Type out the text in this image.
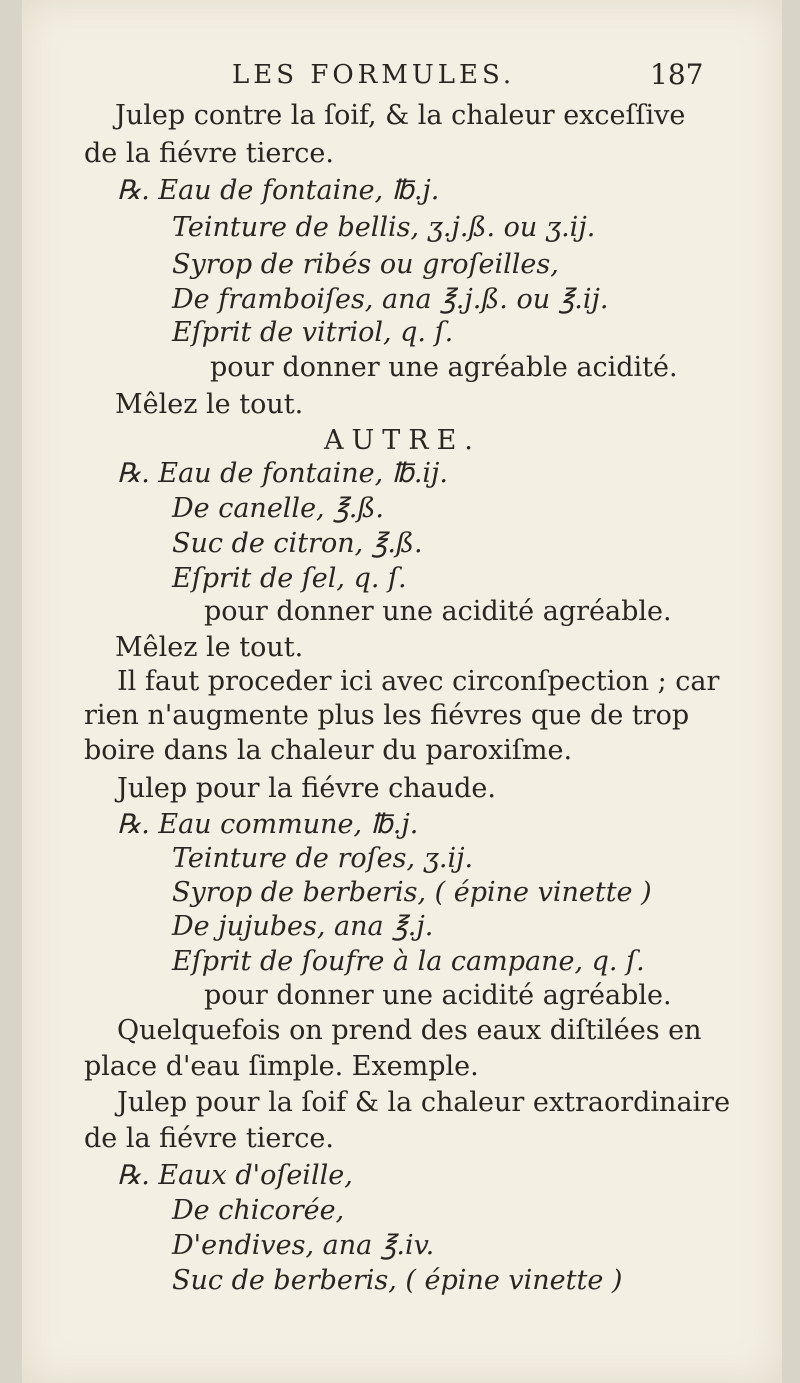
LES FORMULES.	187
Julep contre la ſoif, & la chaleur exceſſive
de la fiévre tierce.
℞. Eau de fontaine, ℔.j.
Teinture de bellis, ʒ.j.ß. ou ʒ.ij.
Syrop de ribés ou groſeilles,
De framboiſes, ana ℥.j.ß. ou ℥.ij.
Eſprit de vitriol, q. ſ.
pour donner une agréable acidité.
Mêlez le tout.
AUTRE.
℞. Eau de fontaine, ℔.ij.
De canelle, ℥.ß.
Suc de citron, ℥.ß.
Eſprit de ſel, q. ſ.
pour donner une acidité agréable.
Mêlez le tout.
Il faut proceder ici avec circonſpection ; car
rien n'augmente plus les fiévres que de trop
boire dans la chaleur du paroxiſme.
Julep pour la fiévre chaude.
℞. Eau commune, ℔.j.
Teinture de roſes, ʒ.ij.
Syrop de berberis, ( épine vinette )
De jujubes, ana ℥.j.
Eſprit de ſoufre à la campane, q. ſ.
pour donner une acidité agréable.
Quelquefois on prend des eaux diſtilées en
place d'eau ſimple. Exemple.
Julep pour la ſoif & la chaleur extraordinaire
de la fiévre tierce.
℞. Eaux d'oſeille,
De chicorée,
D'endives, ana ℥.iv.
Suc de berberis, ( épine vinette )
